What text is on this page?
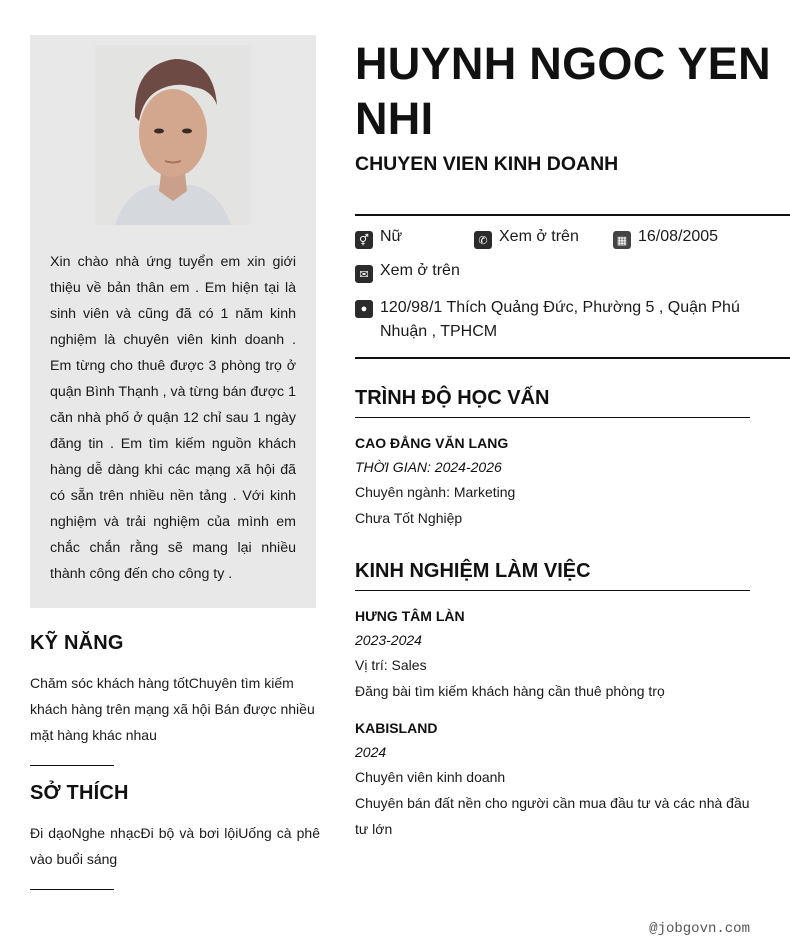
Xin chào nhà ứng tuyển em xin giới thiệu về bản thân em . Em hiện tại là sinh viên và cũng đã có 1 năm kinh nghiệm là chuyên viên kinh doanh . Em từng cho thuê được 3 phòng trọ ở quận Bình Thạnh , và từng bán được 1 căn nhà phố ở quận 12 chỉ sau 1 ngày đăng tin . Em tìm kiếm nguồn khách hàng dễ dàng khi các mạng xã hội đã có sẵn trên nhiều nền tảng . Với kinh nghiệm và trải nghiệm của mình em chắc chắn rằng sẽ mang lại nhiều thành công đến cho công ty .
KỸ NĂNG
Chăm sóc khách hàng tốtChuyên tìm kiếm khách hàng trên mạng xã hội Bán được nhiều mặt hàng khác nhau
SỞ THÍCH
Đi dạoNghe nhạcĐi bộ và bơi lộiUống cà phê vào buổi sáng
HUYNH NGOC YEN NHI
CHUYEN VIEN KINH DOANH
⚥ Nữ	✆ Xem ở trên	▦ 16/08/2005
✉ Xem ở trên
● 120/98/1 Thích Quảng Đức, Phường 5 , Quận Phú Nhuận , TPHCM
TRÌNH ĐỘ HỌC VẤN
CAO ĐẲNG VĂN LANG
THỜI GIAN: 2024-2026
Chuyên ngành: Marketing
Chưa Tốt Nghiệp
KINH NGHIỆM LÀM VIỆC
HƯNG TÂM LÀN
2023-2024
Vị trí: Sales
Đăng bài tìm kiếm khách hàng cần thuê phòng trọ
KABISLAND
2024
Chuyên viên kinh doanh
Chuyên bán đất nền cho người cần mua đầu tư và các nhà đầu tư lớn
@jobgovn.com
